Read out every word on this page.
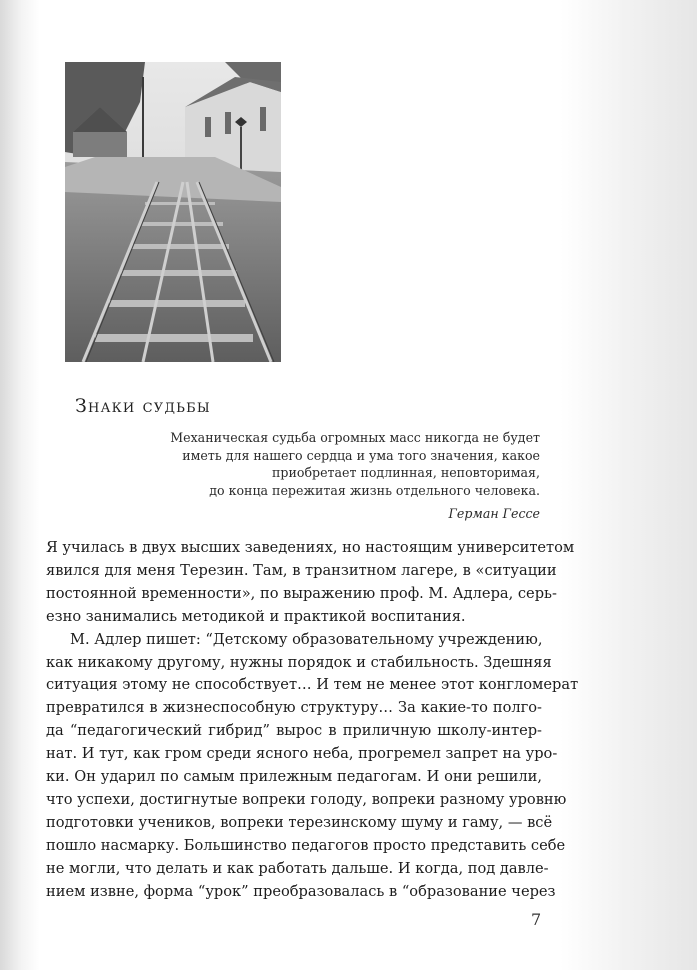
Знаки судьбы
Механическая судьба огромных масс никогда не будет
иметь для нашего сердца и ума того значения, какое
приобретает подлинная, неповторимая,
до конца пережитая жизнь отдельного человека.
Герман Гессе
Я училась в двух высших заведениях, но настоящим университетом
явился для меня Терезин. Там, в транзитном лагере, в «ситуации
постоянной временности», по выражению проф. М. Адлера, серь-
езно занимались методикой и практикой воспитания.
М. Адлер пишет: “Детскому образовательному учреждению,
как никакому другому, нужны порядок и стабильность. Здешняя
ситуация этому не способствует… И тем не менее этот конгломерат
превратился в жизнеспособную структуру… За какие-то полго-
да “педагогический гибрид” вырос в приличную школу-интер-
нат. И тут, как гром среди ясного неба, прогремел запрет на уро-
ки. Он ударил по самым прилежным педагогам. И они решили,
что успехи, достигнутые вопреки голоду, вопреки разному уровню
подготовки учеников, вопреки терезинскому шуму и гаму, — всё
пошло насмарку. Большинство педагогов просто представить себе
не могли, что делать и как работать дальше. И когда, под давле-
нием извне, форма “урок” преобразовалась в “образование через
7
